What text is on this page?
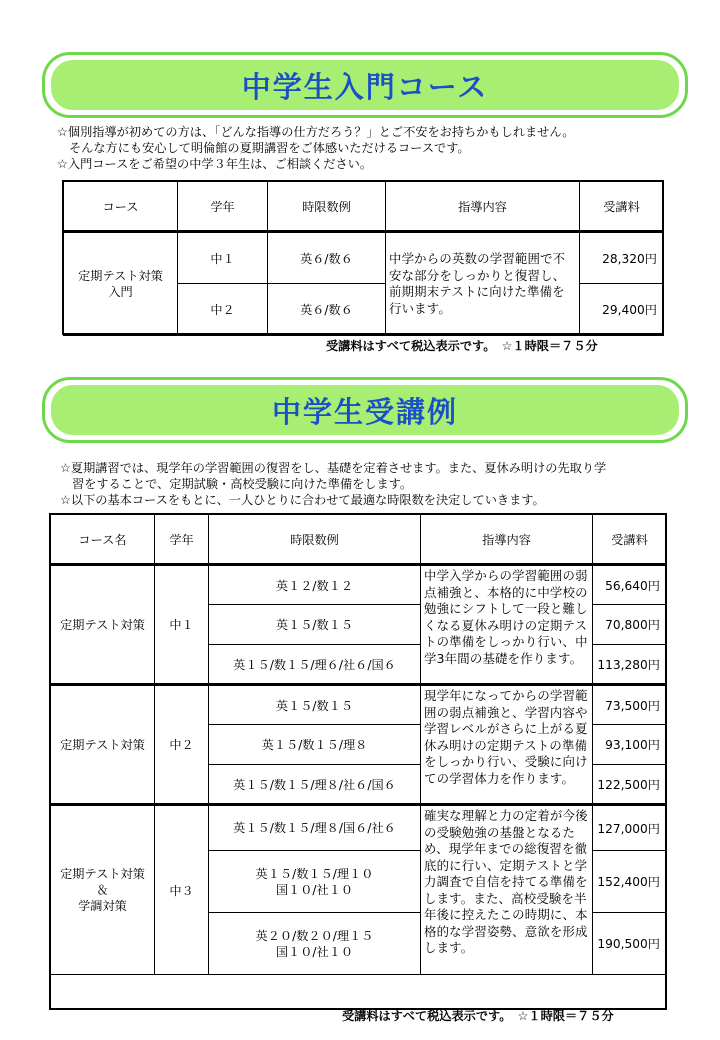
中学生入門コース
☆個別指導が初めての方は、「どんな指導の仕方だろう？」とご不安をお持ちかもしれません。
そんな方にも安心して明倫館の夏期講習をご体感いただけるコースです。
☆入門コースをご希望の中学３年生は、ご相談ください。
コース	学年	時限数例	指導内容	受講料
定期テスト対策
入門	中１	英６/数６	中学からの英数の学習範囲で不安な部分をしっかりと復習し、前期期末テストに向けた準備を行います。	28,320円
	中２	英６/数６		29,400円
受講料はすべて税込表示です。　☆１時限＝７５分
中学生受講例
☆夏期講習では、現学年の学習範囲の復習をし、基礎を定着させます。また、夏休み明けの先取り学
習をすることで、定期試験・高校受験に向けた準備をします。
☆以下の基本コースをもとに、一人ひとりに合わせて最適な時限数を決定していきます。
コース名	学年	時限数例	指導内容	受講料
定期テスト対策	中１	英１２/数１２	中学入学からの学習範囲の弱点補強と、本格的に中学校の勉強にシフトして一段と難しくなる夏休み明けの定期テストの準備をしっかり行い、中学3年間の基礎を作ります。	56,640円
		英１５/数１５		70,800円
		英１５/数１５/理６/社６/国６		113,280円
定期テスト対策	中２	英１５/数１５	現学年になってからの学習範囲の弱点補強と、学習内容や学習レベルがさらに上がる夏休み明けの定期テストの準備をしっかり行い、受験に向けての学習体力を作ります。	73,500円
		英１５/数１５/理８		93,100円
		英１５/数１５/理８/社６/国６		122,500円
定期テスト対策
＆
学調対策	中３	英１５/数１５/理８/国６/社６	確実な理解と力の定着が今後の受験勉強の基盤となるため、現学年までの総復習を徹底的に行い、定期テストと学力調査で自信を持てる準備をします。また、高校受験を半年後に控えたこの時期に、本格的な学習姿勢、意欲を形成します。	127,000円
		英１５/数１５/理１０
国１０/社１０		152,400円
		英２０/数２０/理１５
国１０/社１０		190,500円
受講料はすべて税込表示です。　☆１時限＝７５分
